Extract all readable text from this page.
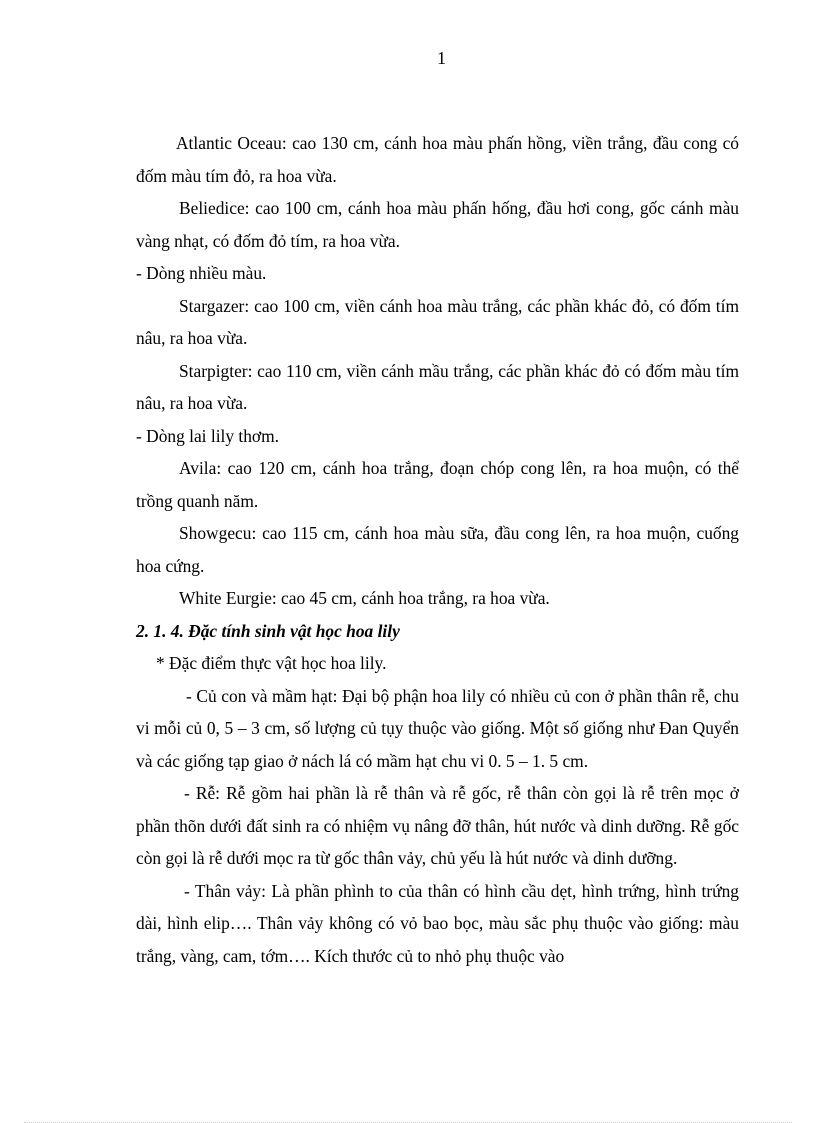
1

Atlantic Oceau: cao 130 cm, cánh hoa màu phấn hồng, viền trắng, đầu cong có đốm màu tím đỏ, ra hoa vừa.

Beliedice: cao 100 cm, cánh hoa màu phấn hống, đầu hơi cong, gốc cánh màu vàng nhạt, có đốm đỏ tím, ra hoa vừa.

- Dòng nhiều màu.

Stargazer: cao 100 cm, viền cánh hoa màu trắng, các phần khác đỏ, có đốm tím nâu, ra hoa vừa.

Starpigter: cao 110 cm, viền cánh mầu trắng, các phần khác đỏ có đốm màu tím nâu, ra hoa vừa.

- Dòng lai lily thơm.

Avila: cao 120 cm, cánh hoa trắng, đoạn chóp cong lên, ra hoa muộn, có thể trồng quanh năm.

Showgecu: cao 115 cm, cánh hoa màu sữa, đầu cong lên, ra hoa muộn, cuống hoa cứng.

White Eurgie: cao 45 cm, cánh hoa trắng, ra hoa vừa.

2. 1. 4. Đặc tính sinh vật học hoa lily

* Đặc điểm thực vật học hoa lily.

- Củ con và mầm hạt: Đại bộ phận hoa lily có nhiều củ con ở phần thân rễ, chu vi mỗi củ 0, 5 – 3 cm, số lượng củ tụy thuộc vào giống. Một số giống như Đan Quyển và các giống tạp giao ở nách lá có mầm hạt chu vi 0. 5 – 1. 5 cm.

- Rễ: Rễ gồm hai phần là rễ thân và rễ gốc, rễ thân còn gọi là rễ trên mọc ở phần thõn dưới đất sinh ra có nhiệm vụ nâng đỡ thân, hút nước và dinh dưỡng. Rễ gốc còn gọi là rễ dưới mọc ra từ gốc thân vảy, chủ yếu là hút nước và dinh dưỡng.

- Thân vảy: Là phần phình to của thân có hình cầu dẹt, hình trứng, hình trứng dài, hình elip…. Thân vảy không có vỏ bao bọc, màu sắc phụ thuộc vào giống: màu trắng, vàng, cam, tớm…. Kích thước củ to nhỏ phụ thuộc vào
